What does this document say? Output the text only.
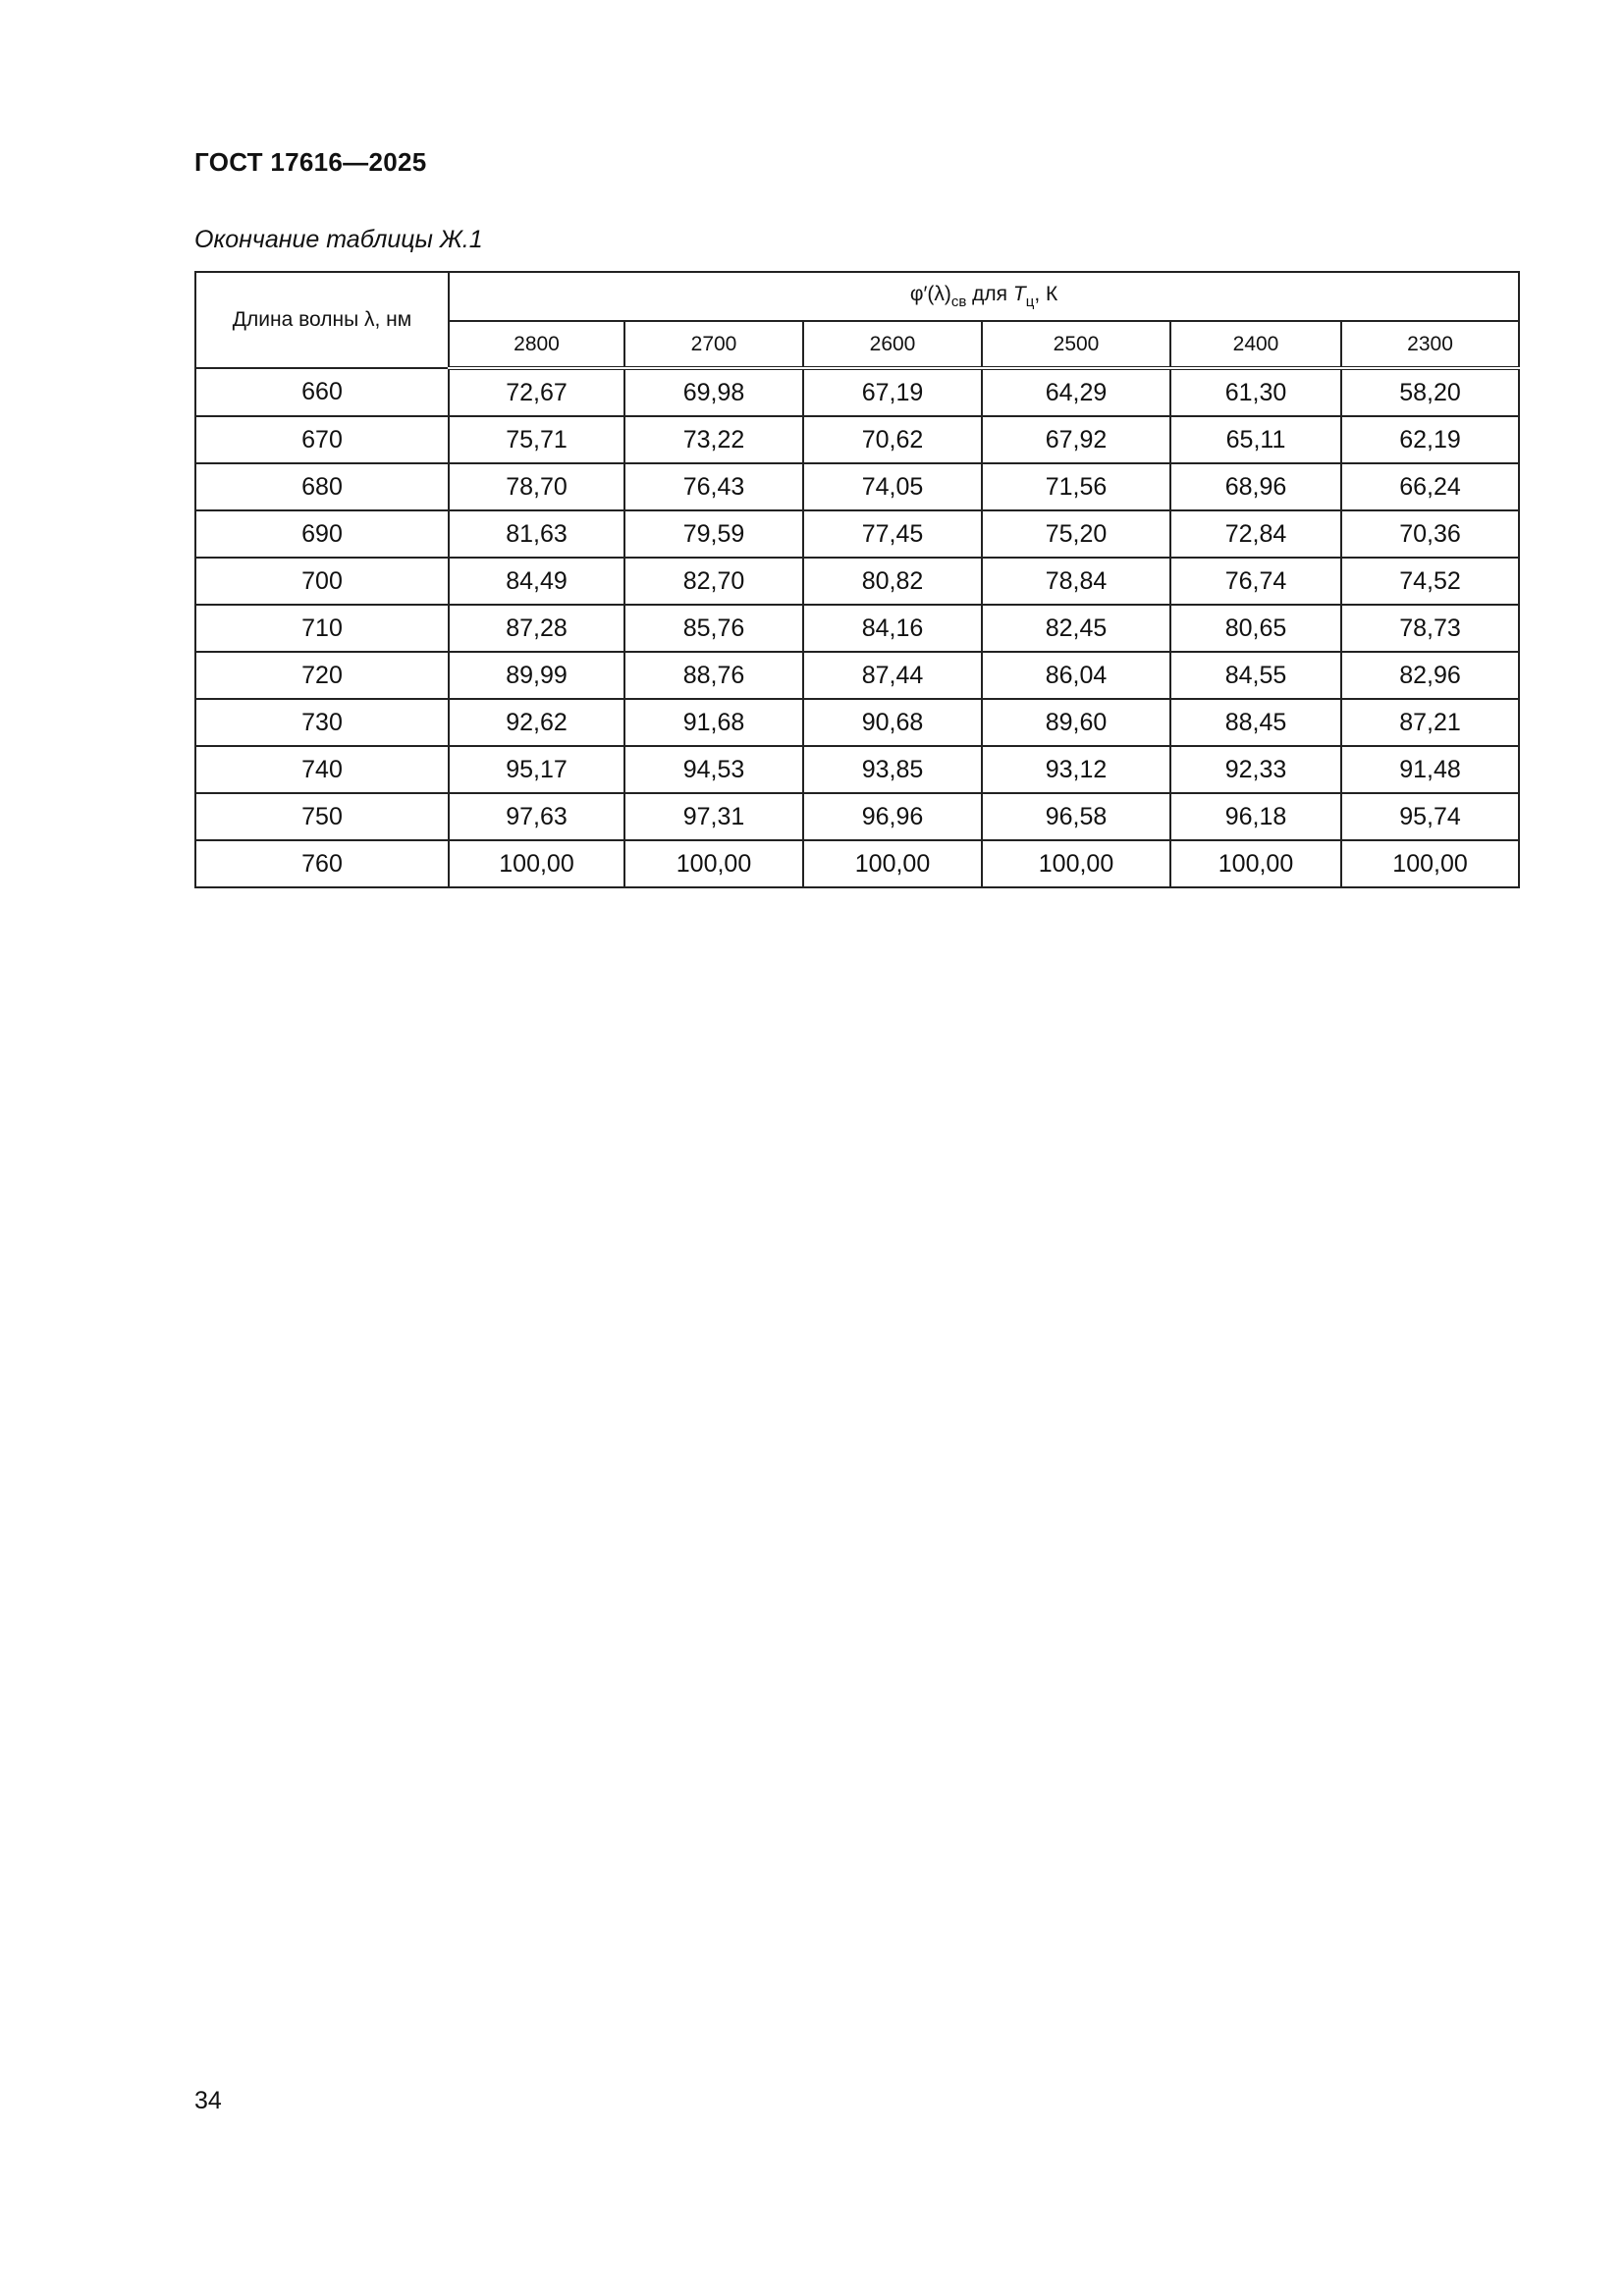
ГОСТ 17616—2025
Окончание таблицы Ж.1
Длина волны λ, нм	$\varphi'(\lambda)_{св}$ для $T_ц$, К					
	2800	2700	2600	2500	2400	2300
660	72,67	69,98	67,19	64,29	61,30	58,20
670	75,71	73,22	70,62	67,92	65,11	62,19
680	78,70	76,43	74,05	71,56	68,96	66,24
690	81,63	79,59	77,45	75,20	72,84	70,36
700	84,49	82,70	80,82	78,84	76,74	74,52
710	87,28	85,76	84,16	82,45	80,65	78,73
720	89,99	88,76	87,44	86,04	84,55	82,96
730	92,62	91,68	90,68	89,60	88,45	87,21
740	95,17	94,53	93,85	93,12	92,33	91,48
750	97,63	97,31	96,96	96,58	96,18	95,74
760	100,00	100,00	100,00	100,00	100,00	100,00
34
